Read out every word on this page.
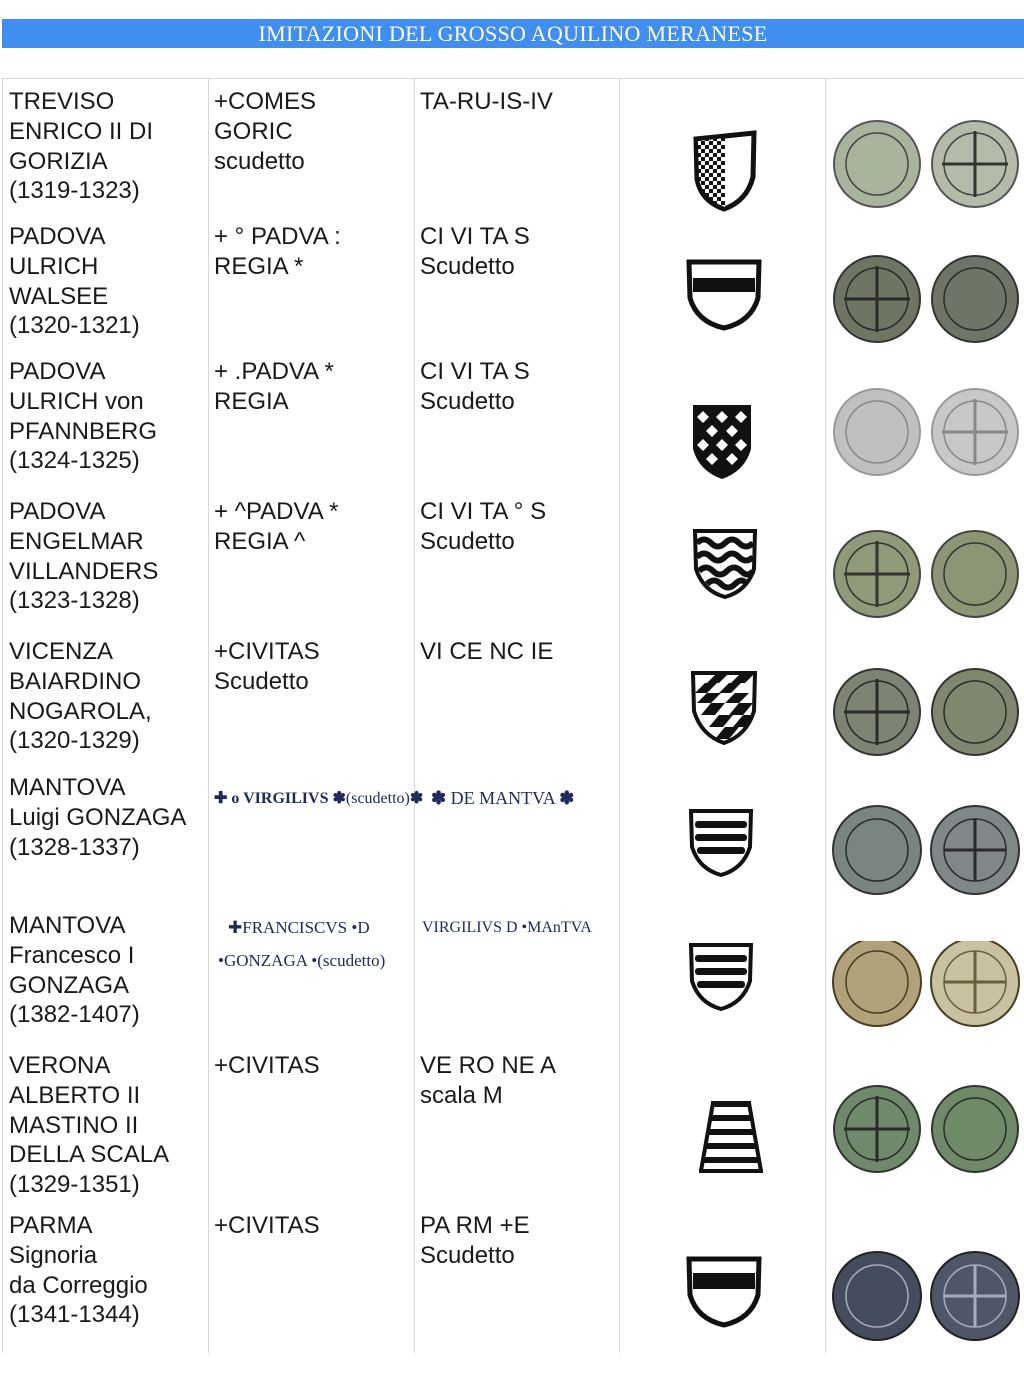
IMITAZIONI DEL GROSSO AQUILINO MERANESE
TREVISO
ENRICO II DI
GORIZIA
(1319-1323)
+COMES
GORIC
scudetto
TA-RU-IS-IV

PADOVA
ULRICH
WALSEE
(1320-1321)
+ ° PADVA :
REGIA *
CI VI TA S
Scudetto

PADOVA
ULRICH von
PFANNBERG
(1324-1325)
+ .PADVA *
REGIA
CI VI TA S
Scudetto

PADOVA
ENGELMAR
VILLANDERS
(1323-1328)
+ ^PADVA *
REGIA ^
CI VI TA ° S
Scudetto

VICENZA
BAIARDINO
NOGAROLA,
(1320-1329)
+CIVITAS
Scudetto
VI CE NC IE

MANTOVA
Luigi GONZAGA
(1328-1337)
✚ o VIRGILIVS ✽(scudetto)✽ ✽ DE MANTVA ✽

MANTOVA
Francesco I
GONZAGA
(1382-1407)
✚FRANCISCVS •D
•GONZAGA •(scudetto)
VIRGILIVS D •MAnTVA

VERONA
ALBERTO II
MASTINO II
DELLA SCALA
(1329-1351)
+CIVITAS	VE RO NE A
scala M

PARMA
Signoria
da Correggio
(1341-1344)
+CIVITAS	PA RM +E
Scudetto
